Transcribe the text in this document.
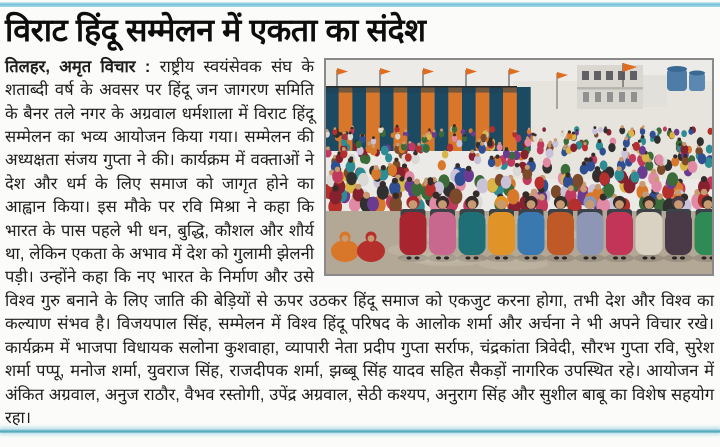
विराट हिंदू सम्मेलन में एकता का संदेश

तिलहर, अमृत विचार : राष्ट्रीय स्वयंसेवक संघ के शताब्दी वर्ष के अवसर पर हिंदू जन जागरण समिति के बैनर तले नगर के अग्रवाल धर्मशाला में विराट हिंदू सम्मेलन का भव्य आयोजन किया गया। सम्मेलन की अध्यक्षता संजय गुप्ता ने की। कार्यक्रम में वक्ताओं ने देश और धर्म के लिए समाज को जागृत होने का आह्वान किया। इस मौके पर रवि मिश्रा ने कहा कि भारत के पास पहले भी धन, बुद्धि, कौशल और शौर्य था, लेकिन एकता के अभाव में देश को गुलामी झेलनी पड़ी। उन्होंने कहा कि नए भारत के निर्माण और उसे विश्व गुरु बनाने के लिए जाति की बेड़ियों से ऊपर उठकर हिंदू समाज को एकजुट करना होगा, तभी देश और विश्व का कल्याण संभव है। विजयपाल सिंह, सम्मेलन में विश्व हिंदू परिषद के आलोक शर्मा और अर्चना ने भी अपने विचार रखे। कार्यक्रम में भाजपा विधायक सलोना कुशवाहा, व्यापारी नेता प्रदीप गुप्ता सर्राफ, चंद्रकांता त्रिवेदी, सौरभ गुप्ता रवि, सुरेश शर्मा पप्पू, मनोज शर्मा, युवराज सिंह, राजदीपक शर्मा, झब्बू सिंह यादव सहित सैकड़ों नागरिक उपस्थित रहे। आयोजन में अंकित अग्रवाल, अनुज राठौर, वैभव रस्तोगी, उपेंद्र अग्रवाल, सेठी कश्यप, अनुराग सिंह और सुशील बाबू का विशेष सहयोग रहा।
